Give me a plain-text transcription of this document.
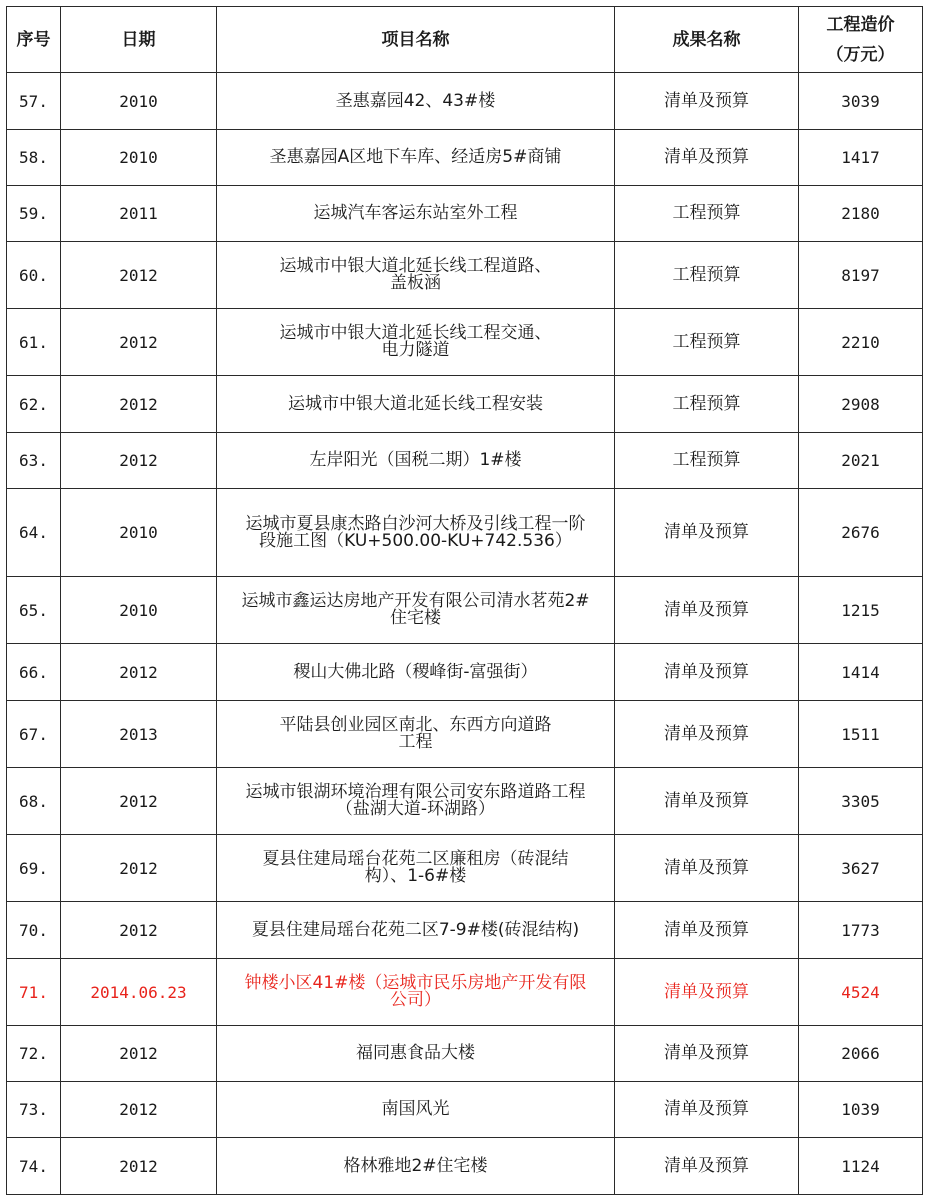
序号	日期	项目名称	成果名称	工程造价
（万元）

57.	2010	圣惠嘉园42、43#楼	清单及预算	3039
58.	2010	圣惠嘉园A区地下车库、经适房5#商铺	清单及预算	1417
59.	2011	运城汽车客运东站室外工程	工程预算	2180
60.	2012	运城市中银大道北延长线工程道路、
盖板涵	工程预算	8197
61.	2012	运城市中银大道北延长线工程交通、
电力隧道	工程预算	2210
62.	2012	运城市中银大道北延长线工程安装	工程预算	2908
63.	2012	左岸阳光（国税二期）1#楼	工程预算	2021
64.	2010	运城市夏县康杰路白沙河大桥及引线工程一阶
段施工图（KU+500.00-KU+742.536）	清单及预算	2676
65.	2010	运城市鑫运达房地产开发有限公司清水茗苑2#
住宅楼	清单及预算	1215
66.	2012	稷山大佛北路（稷峰街-富强街）	清单及预算	1414
67.	2013	平陆县创业园区南北、东西方向道路
工程	清单及预算	1511
68.	2012	运城市银湖环境治理有限公司安东路道路工程
（盐湖大道-环湖路）	清单及预算	3305
69.	2012	夏县住建局瑶台花苑二区廉租房（砖混结
构）、1-6#楼	清单及预算	3627
70.	2012	夏县住建局瑶台花苑二区7-9#楼(砖混结构)	清单及预算	1773
71.	2014.06.23	钟楼小区41#楼（运城市民乐房地产开发有限
公司）	清单及预算	4524
72.	2012	福同惠食品大楼	清单及预算	2066
73.	2012	南国风光	清单及预算	1039
74.	2012	格林雅地2#住宅楼	清单及预算	1124
